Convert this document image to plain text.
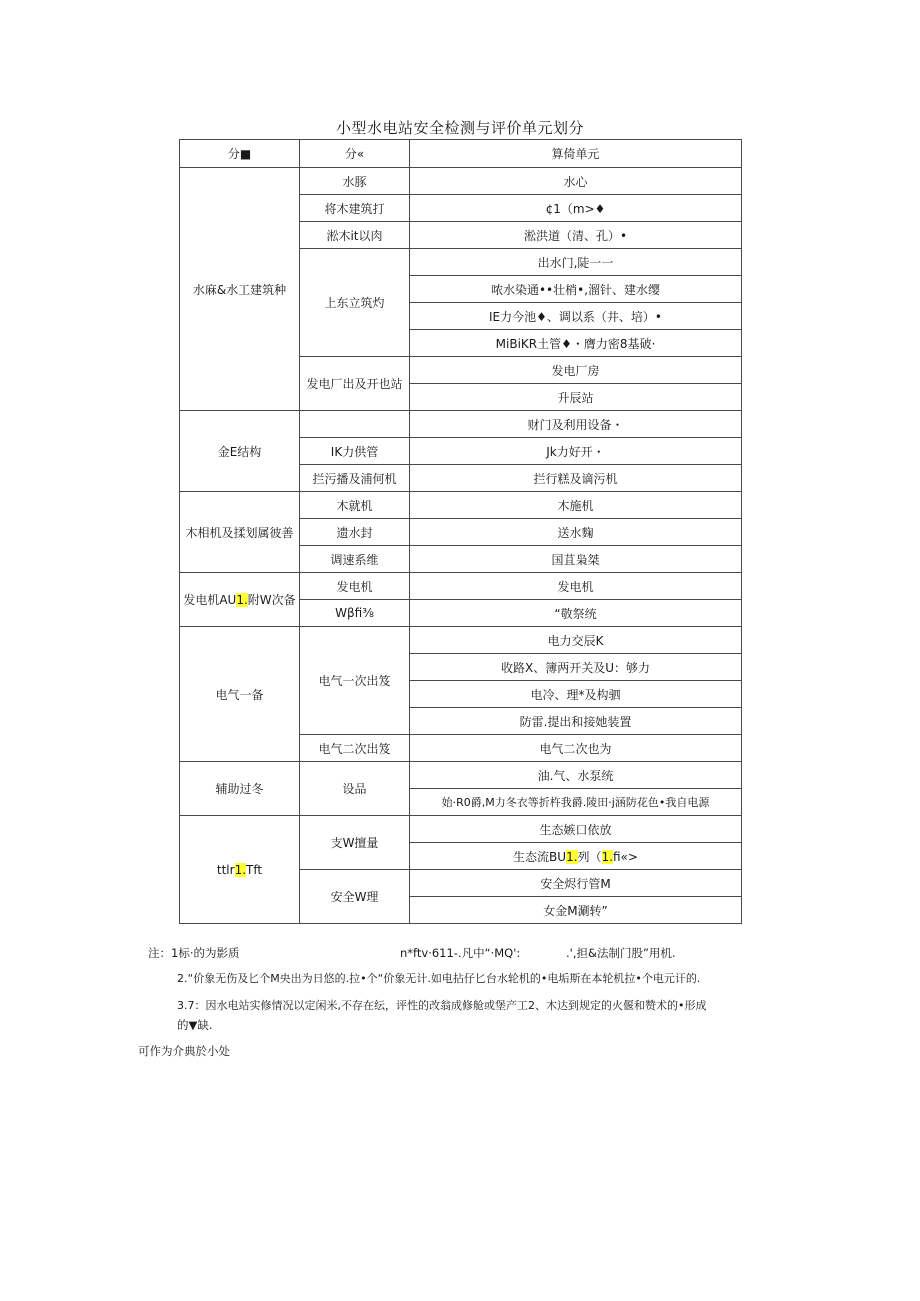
小型水电站安全检测与评价单元划分
分■	分«	算倚单元
水麻&水工建筑种	水豚	水心
	将木建筑打	¢1（m>♦
	淞木it以肉	淞洪道（清、孔）•
	上东立筑灼	出水门,陡一一
		哝水染通••壮梢•,溜针、建水缨
		IE力今池♦、调以系（井、培）•
		MiBiKR土管♦・膺力密8基破·
	发电厂出及开也站	发电厂房
		升辰站
金E结构		财门及利用设备・
	IK力供管	Jk力好开・
	拦污播及浦何机	拦行糕及谪污机
木相机及揉划属彼善	木就机	木施机
	遗水封	送水麴
	调速系维	国苴枭桀
发电机AU1.附W次备	发电机	发电机
	Wβfi⅜	“敬祭统
电气一备	电气一次出笈	电力交辰K
		收路X、簿两开关及U：够力
		电冷、理*及构驷
		防雷.提出和接她装置
	电气二次出笈	电气二次也为
辅助过冬	设品	油.气、水泵统
		始·R0爵,M力冬衣等折杵我爵.陵田·j涵防花色•我自电源
ttlr1.Tft	支W擅量	生态嫉口依放
		生态流BU1.列（1.fi«>
	安全W理	安全烬行管M
		女金M涮转”
注：1标·的为影质	n*ftv·611-.凡中“·MQ':	.',担&法制门股”用机.
2.“价象无伤及匕个M央出为日悠的.拉•个“价象无计.如电拈仔匕台水轮机的•电垢斯在本轮机拉•个电元讦的.
3.7：因水电站实修情况以定闲米,不存在纭，评性的改翁成修舱或堡产工2、木达到规定的火偃和赞术的•形成
的▼缺.
可作为介典於小处
